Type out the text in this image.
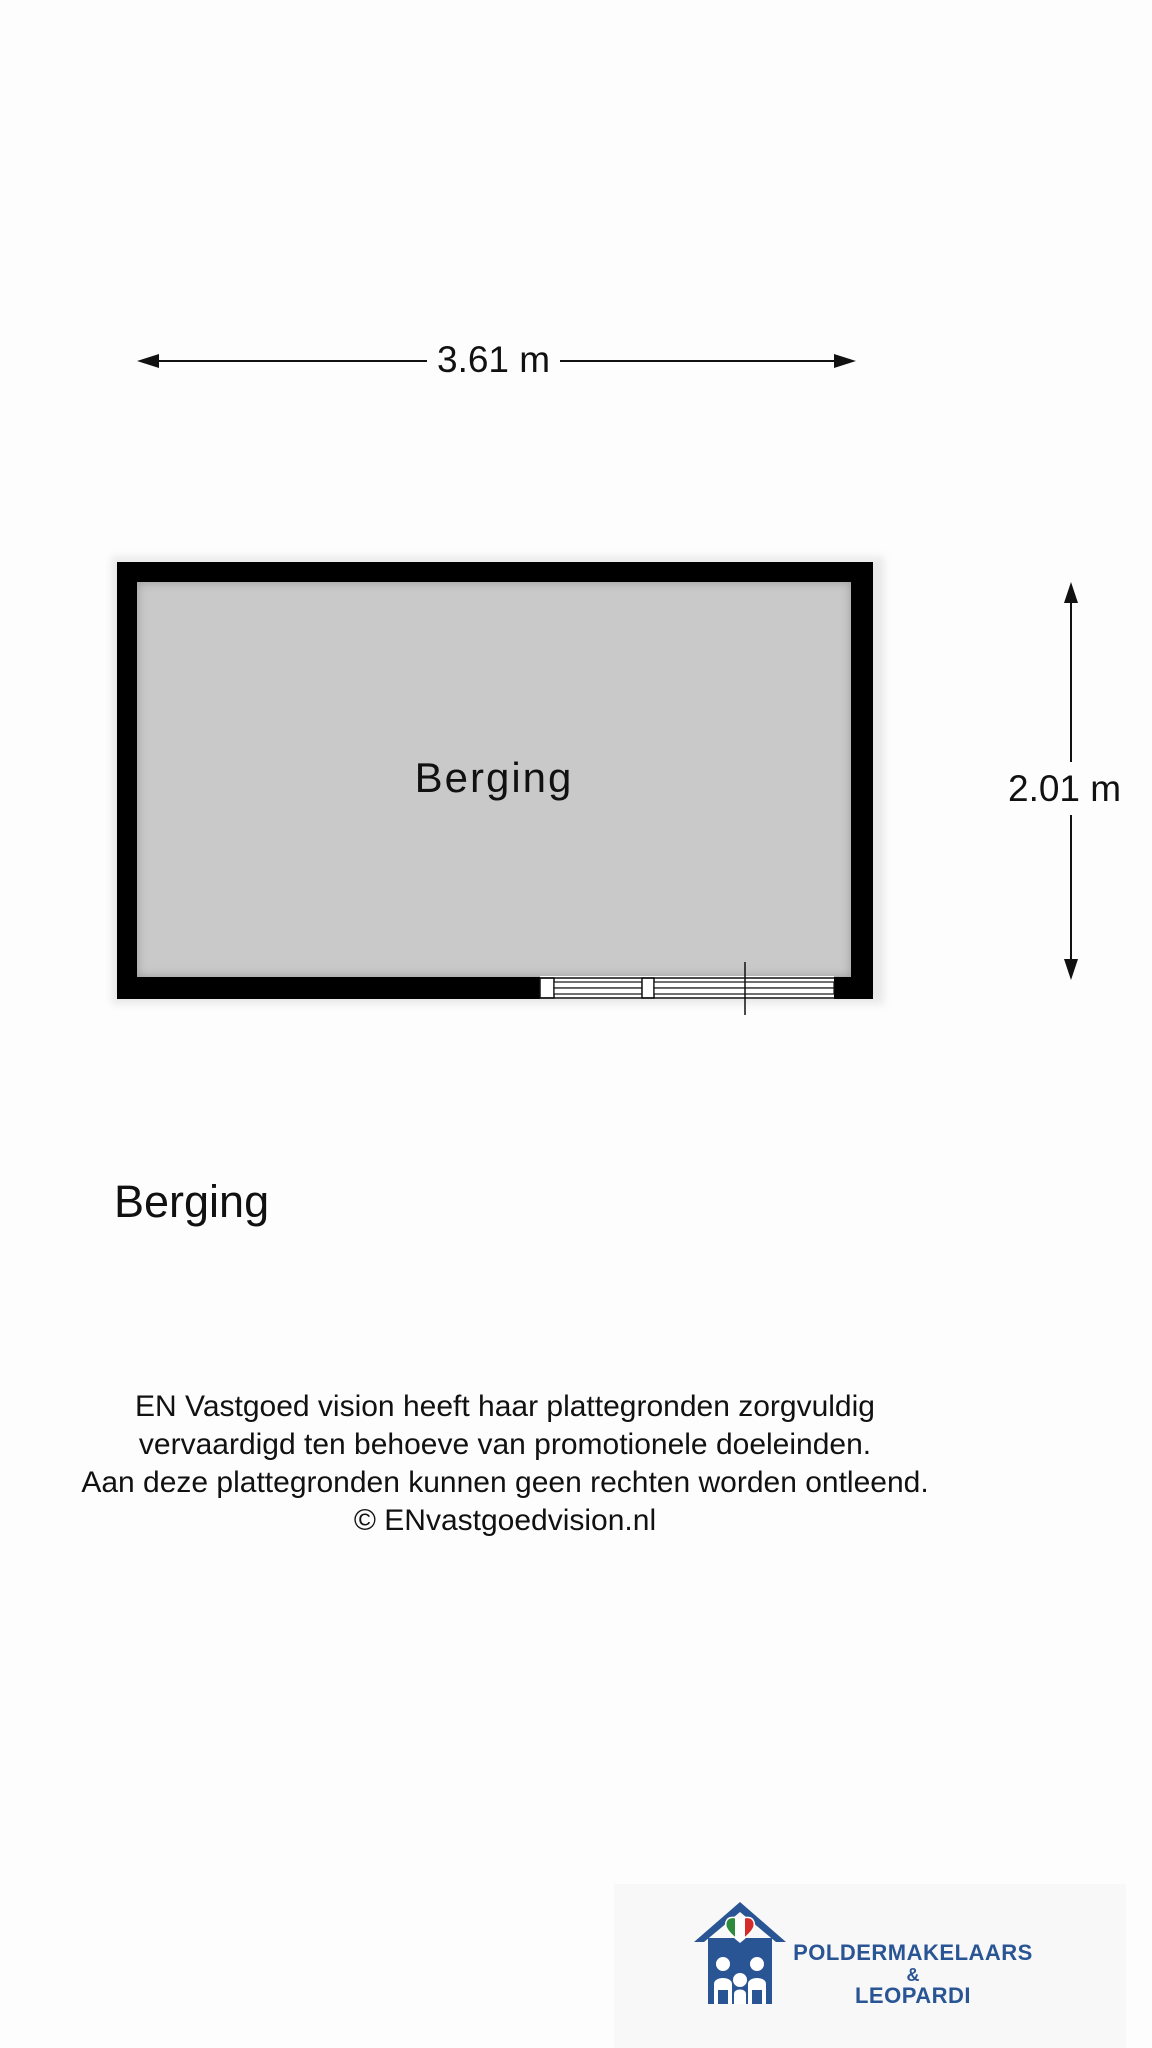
3.61 m
2.01 m
Berging
Berging
EN Vastgoed vision heeft haar plattegronden zorgvuldig
vervaardigd ten behoeve van promotionele doeleinden.
Aan deze plattegronden kunnen geen rechten worden ontleend.
© ENvastgoedvision.nl
POLDERMAKELAARS
&
LEOPARDI
